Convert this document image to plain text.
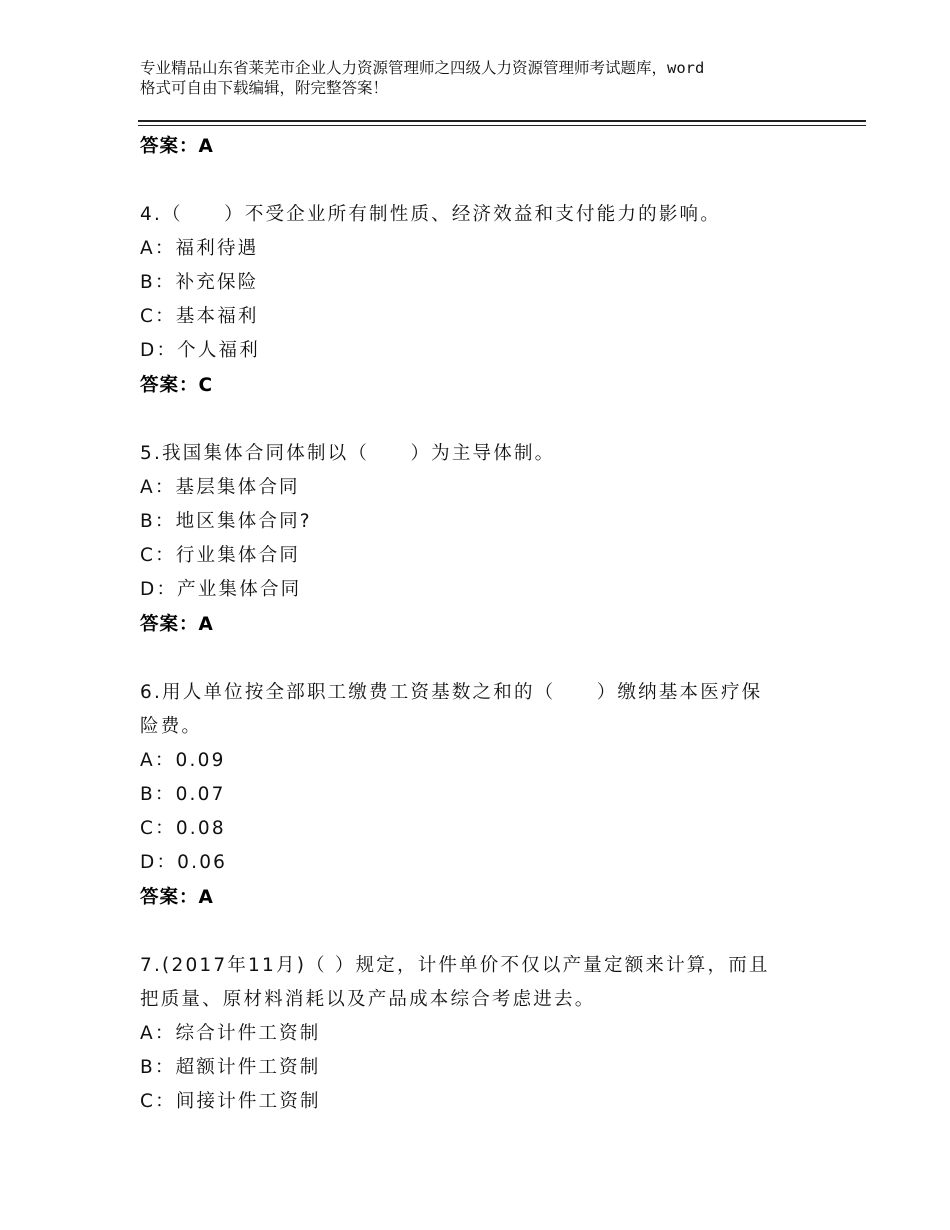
专业精品山东省莱芜市企业人力资源管理师之四级人力资源管理师考试题库，word
格式可自由下载编辑，附完整答案！
答案：A
4.（　　）不受企业所有制性质、经济效益和支付能力的影响。
A：福利待遇
B：补充保险
C：基本福利
D：个人福利
答案：C
5.我国集体合同体制以（　　）为主导体制。
A：基层集体合同
B：地区集体合同?
C：行业集体合同
D：产业集体合同
答案：A
6.用人单位按全部职工缴费工资基数之和的（　　）缴纳基本医疗保
险费。
A：0.09
B：0.07
C：0.08
D：0.06
答案：A
7.(2017年11月)（ ）规定，计件单价不仅以产量定额来计算，而且
把质量、原材料消耗以及产品成本综合考虑进去。
A：综合计件工资制
B：超额计件工资制
C：间接计件工资制
